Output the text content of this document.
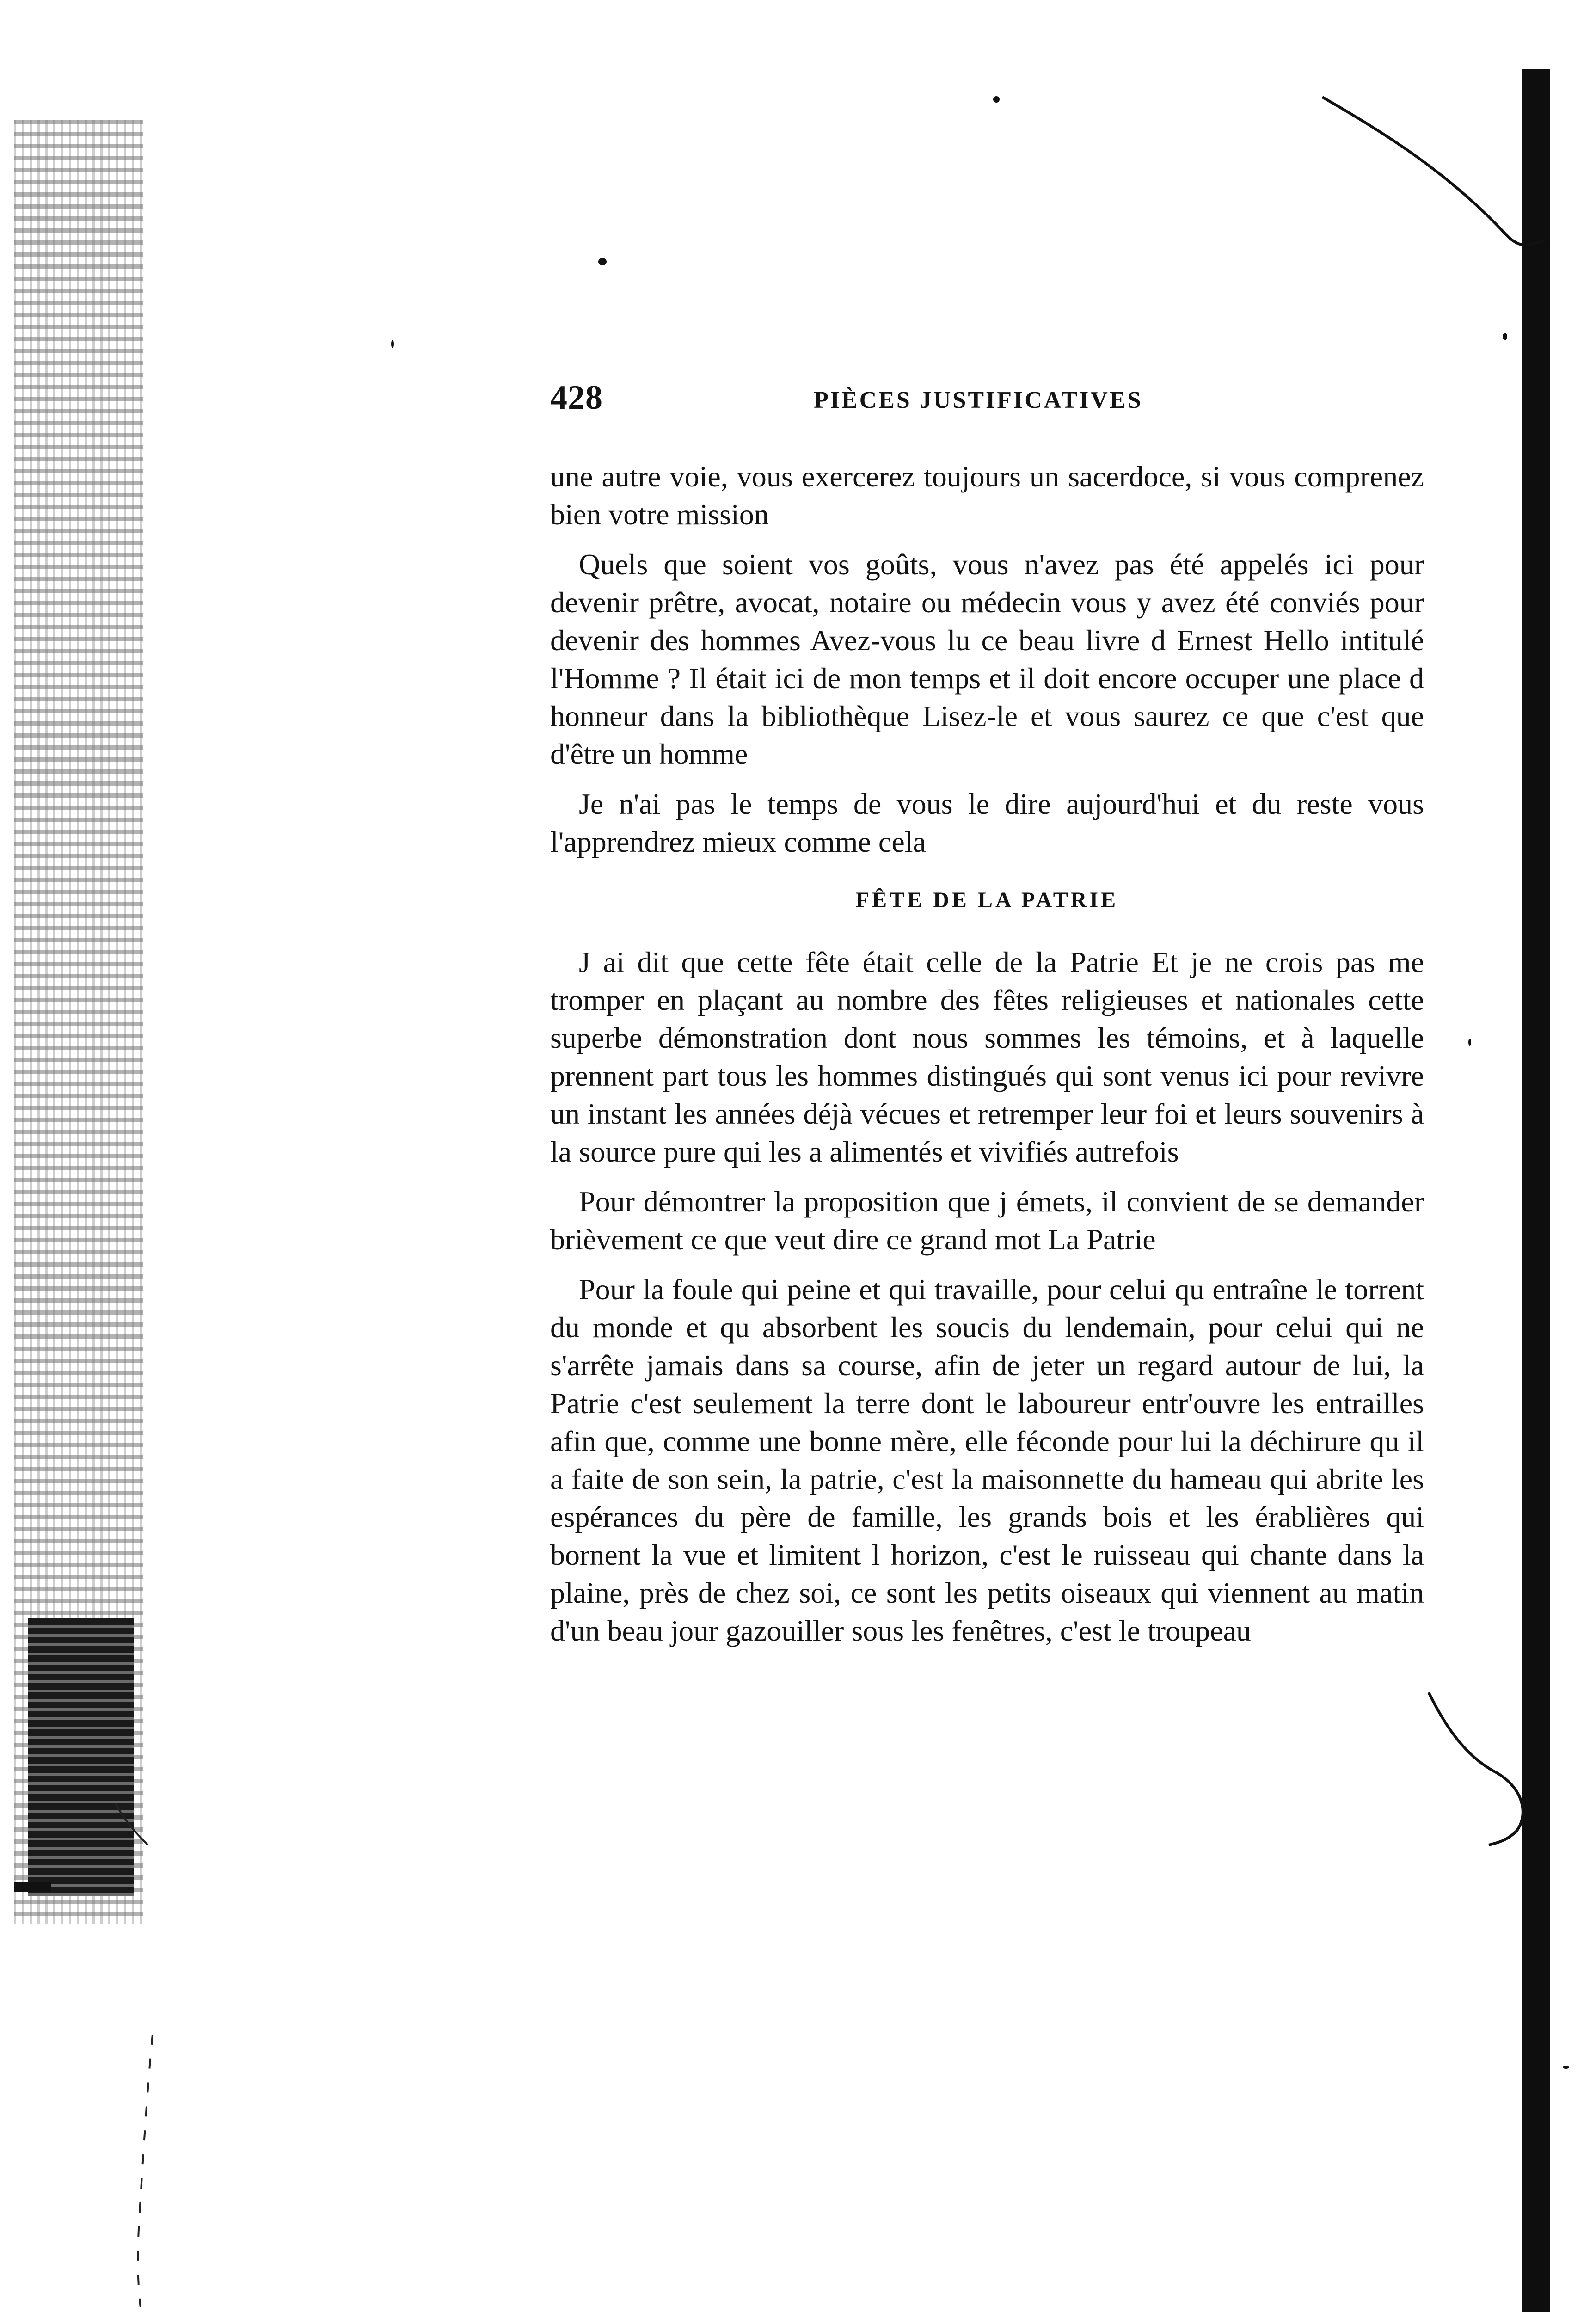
428	PIÈCES JUSTIFICATIVES

une autre voie, vous exercerez toujours un sacerdoce, si vous comprenez bien votre mission

Quels que soient vos goûts, vous n'avez pas été appelés ici pour devenir prêtre, avocat, notaire ou médecin vous y avez été conviés pour devenir des hommes Avez-vous lu ce beau livre d Ernest Hello intitulé l'Homme ? Il était ici de mon temps et il doit encore occuper une place d honneur dans la bibliothèque Lisez-le et vous saurez ce que c'est que d'être un homme

Je n'ai pas le temps de vous le dire aujourd'hui et du reste vous l'apprendrez mieux comme cela

FÊTE DE LA PATRIE

J ai dit que cette fête était celle de la Patrie Et je ne crois pas me tromper en plaçant au nombre des fêtes religieuses et nationales cette superbe démonstration dont nous sommes les témoins, et à laquelle prennent part tous les hommes distingués qui sont venus ici pour revivre un instant les années déjà vécues et retremper leur foi et leurs souvenirs à la source pure qui les a alimentés et vivifiés autrefois

Pour démontrer la proposition que j émets, il convient de se demander brièvement ce que veut dire ce grand mot La Patrie

Pour la foule qui peine et qui travaille, pour celui qu entraîne le torrent du monde et qu absorbent les soucis du lendemain, pour celui qui ne s'arrête jamais dans sa course, afin de jeter un regard autour de lui, la Patrie c'est seulement la terre dont le laboureur entr'ouvre les entrailles afin que, comme une bonne mère, elle féconde pour lui la déchirure qu il a faite de son sein, la patrie, c'est la maisonnette du hameau qui abrite les espérances du père de famille, les grands bois et les érablières qui bornent la vue et limitent l horizon, c'est le ruisseau qui chante dans la plaine, près de chez soi, ce sont les petits oiseaux qui viennent au matin d'un beau jour gazouiller sous les fenêtres, c'est le troupeau
